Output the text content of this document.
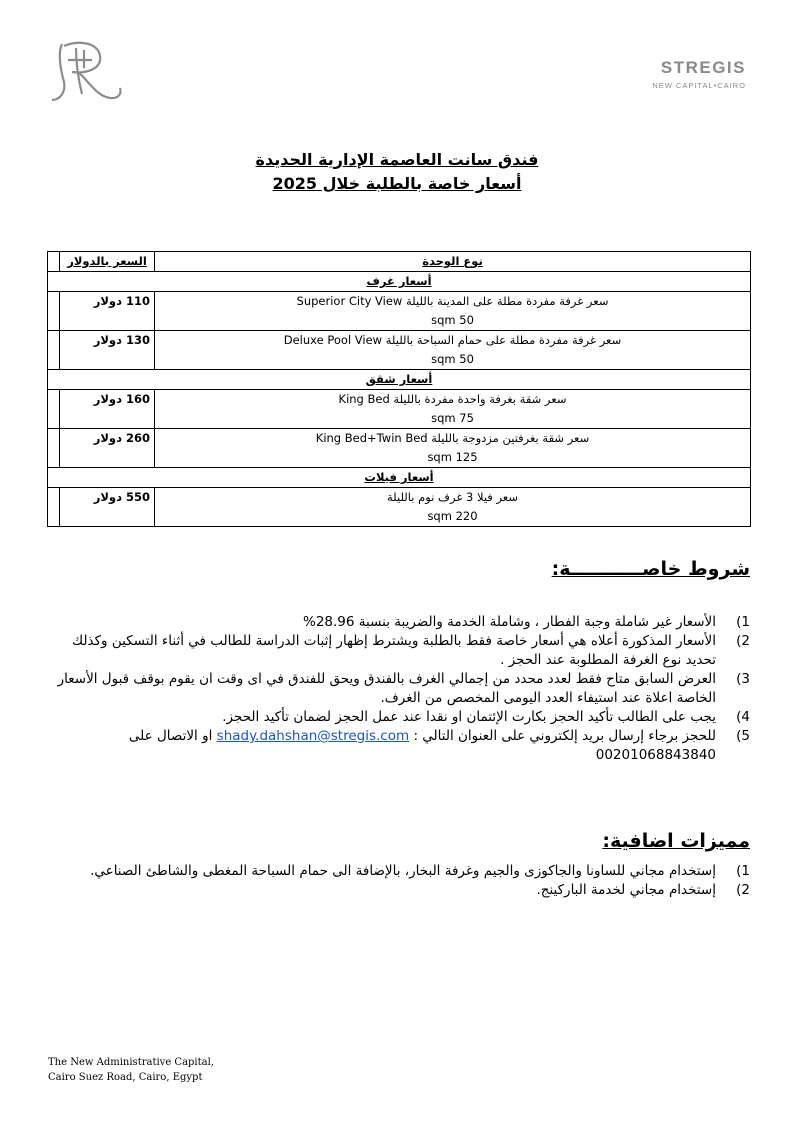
STREGIS
NEW CAPITAL•CAIRO
فندق سانت العاصمة الإدارية الحديدة
أسعار خاصة بالطلبة خلال 2025
نوع الوحدة	السعر بالدولار	
أسعار غرف		

سعر غرفة مفردة مطلة على المدينة بالليلة Superior City View
50 sqm	110 دولار	

سعر غرفة مفردة مطلة على حمام السباحة بالليلة Deluxe Pool View
50 sqm	130 دولار	
أسعار شقق		

سعر شقة بغرفة واحدة مفردة بالليلة King Bed
75 sqm	160 دولار	

سعر شقة بغرفتين مزدوجة بالليلة King Bed+Twin Bed
125 sqm	260 دولار	
أسعار فيلات		

سعر فيلا 3 غرف نوم بالليلة
220 sqm	550 دولار	
شروط خاصـــــــــــة:
1)
الأسعار غير شاملة وجبة الفطار ، وشاملة الخدمة والضريبة بنسبة 28.96%
2)
الأسعار المذكورة أعلاه هي أسعار خاصة فقط بالطلبة ويشترط إظهار إثبات الدراسة للطالب في أثناء التسكين وكذلك تحديد نوع الغرفة المطلوبة عند الحجز .
3)
العرض السابق متاح فقط لعدد محدد من إجمالي الغرف بالفندق ويحق للفندق في اى وقت ان يقوم بوقف قبول الأسعار الخاصة اعلاة عند استيفاء العدد اليومى المخصص من الغرف.
4)
يجب على الطالب تأكيد الحجز بكارت الإئتمان او نقدا عند عمل الحجز لضمان تأكيد الحجز.
5)
للحجز برجاء إرسال بريد إلكتروني على العنوان التالي : shady.dahshan@stregis.com او الاتصال على 00201068843840
مميزات اضافية:
1)
إستخدام مجاني للساونا والجاكوزى والجيم وغرفة البخار، بالإضافة الى حمام السباحة المغطى والشاطئ الصناعي.
2)
إستخدام مجاني لخدمة الباركينج.
The New Administrative Capital,
Cairo Suez Road, Cairo, Egypt
